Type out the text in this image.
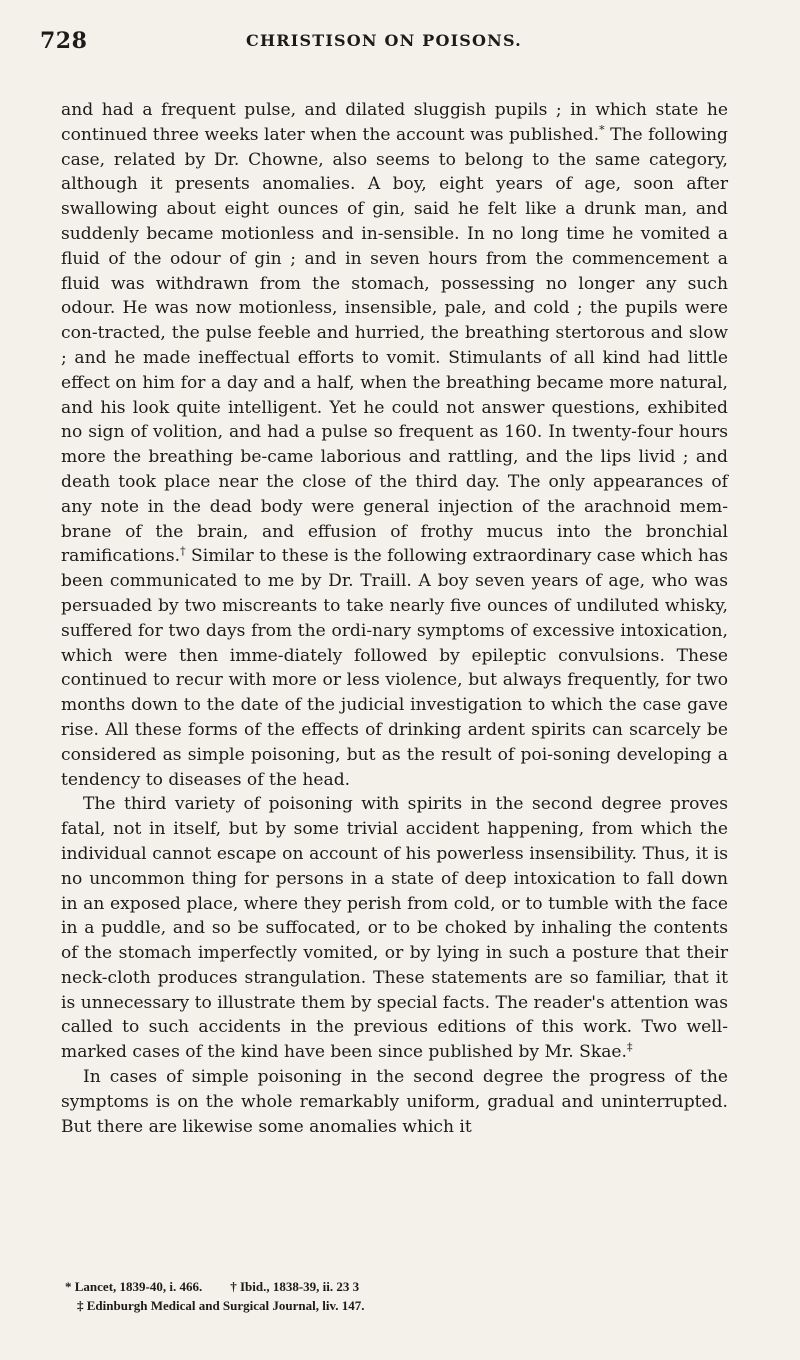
728	CHRISTISON ON POISONS.

and had a frequent pulse, and dilated sluggish pupils ; in which state he continued three weeks later when the account was published.* The following case, related by Dr. Chowne, also seems to belong to the same category, although it presents anomalies. A boy, eight years of age, soon after swallowing about eight ounces of gin, said he felt like a drunk man, and suddenly became motionless and in-sensible. In no long time he vomited a fluid of the odour of gin ; and in seven hours from the commencement a fluid was withdrawn from the stomach, possessing no longer any such odour. He was now motionless, insensible, pale, and cold ; the pupils were con-tracted, the pulse feeble and hurried, the breathing stertorous and slow ; and he made ineffectual efforts to vomit. Stimulants of all kind had little effect on him for a day and a half, when the breathing became more natural, and his look quite intelligent. Yet he could not answer questions, exhibited no sign of volition, and had a pulse so frequent as 160. In twenty-four hours more the breathing be-came laborious and rattling, and the lips livid ; and death took place near the close of the third day. The only appearances of any note in the dead body were general injection of the arachnoid mem-brane of the brain, and effusion of frothy mucus into the bronchial ramifications.† Similar to these is the following extraordinary case which has been communicated to me by Dr. Traill. A boy seven years of age, who was persuaded by two miscreants to take nearly five ounces of undiluted whisky, suffered for two days from the ordi-nary symptoms of excessive intoxication, which were then imme-diately followed by epileptic convulsions. These continued to recur with more or less violence, but always frequently, for two months down to the date of the judicial investigation to which the case gave rise. All these forms of the effects of drinking ardent spirits can scarcely be considered as simple poisoning, but as the result of poi-soning developing a tendency to diseases of the head.

The third variety of poisoning with spirits in the second degree proves fatal, not in itself, but by some trivial accident happening, from which the individual cannot escape on account of his powerless insensibility. Thus, it is no uncommon thing for persons in a state of deep intoxication to fall down in an exposed place, where they perish from cold, or to tumble with the face in a puddle, and so be suffocated, or to be choked by inhaling the contents of the stomach imperfectly vomited, or by lying in such a posture that their neck-cloth produces strangulation. These statements are so familiar, that it is unnecessary to illustrate them by special facts. The reader's attention was called to such accidents in the previous editions of this work. Two well-marked cases of the kind have been since published by Mr. Skae.‡

In cases of simple poisoning in the second degree the progress of the symptoms is on the whole remarkably uniform, gradual and uninterrupted. But there are likewise some anomalies which it

* Lancet, 1839-40, i. 466. † Ibid., 1838-39, ii. 23 3
‡ Edinburgh Medical and Surgical Journal, liv. 147.
